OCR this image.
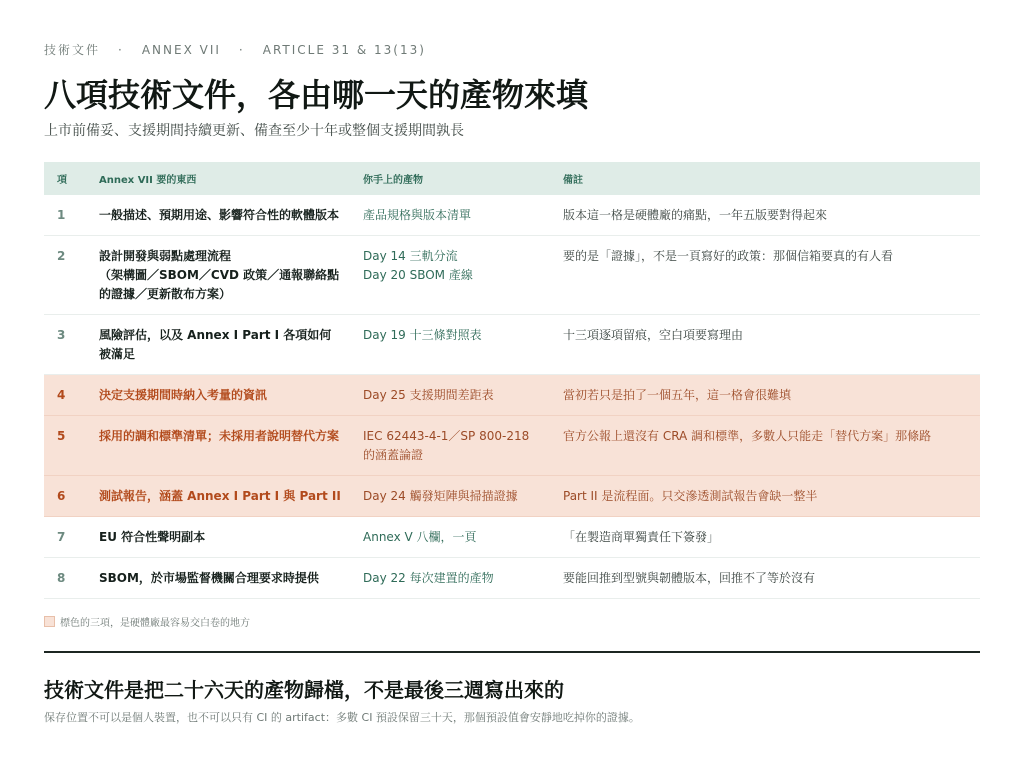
技術文件 · ANNEX VII · ARTICLE 31 & 13(13)
八項技術文件，各由哪一天的產物來填

上市前備妥、支援期間持續更新、備查至少十年或整個支援期間孰長

項	Annex VII 要的東西	你手上的產物	備註
1	一般描述、預期用途、影響符合性的軟體版本	產品規格與版本清單	版本這一格是硬體廠的痛點，一年五版要對得起來
2	設計開發與弱點處理流程
（架構圖／SBOM／CVD 政策／通報聯絡點的證據／更新散布方案）	Day 14 三軌分流
Day 20 SBOM 產線	要的是「證據」，不是一頁寫好的政策：那個信箱要真的有人看
3	風險評估，以及 Annex I Part I 各項如何被滿足	Day 19 十三條對照表	十三項逐項留痕，空白項要寫理由
4	決定支援期間時納入考量的資訊	Day 25 支援期間差距表	當初若只是拍了一個五年，這一格會很難填
5	採用的調和標準清單；未採用者說明替代方案	IEC 62443-4-1／SP 800-218 的涵蓋論證	官方公報上還沒有 CRA 調和標準，多數人只能走「替代方案」那條路
6	測試報告，涵蓋 Annex I Part I 與 Part II	Day 24 觸發矩陣與掃描證據	Part II 是流程面。只交滲透測試報告會缺一整半
7	EU 符合性聲明副本	Annex V 八欄，一頁	「在製造商單獨責任下簽發」
8	SBOM，於市場監督機關合理要求時提供	Day 22 每次建置的產物	要能回推到型號與韌體版本，回推不了等於沒有
標色的三項，是硬體廠最容易交白卷的地方
技術文件是把二十六天的產物歸檔，不是最後三週寫出來的
保存位置不可以是個人裝置，也不可以只有 CI 的 artifact：多數 CI 預設保留三十天，那個預設值會安靜地吃掉你的證據。
